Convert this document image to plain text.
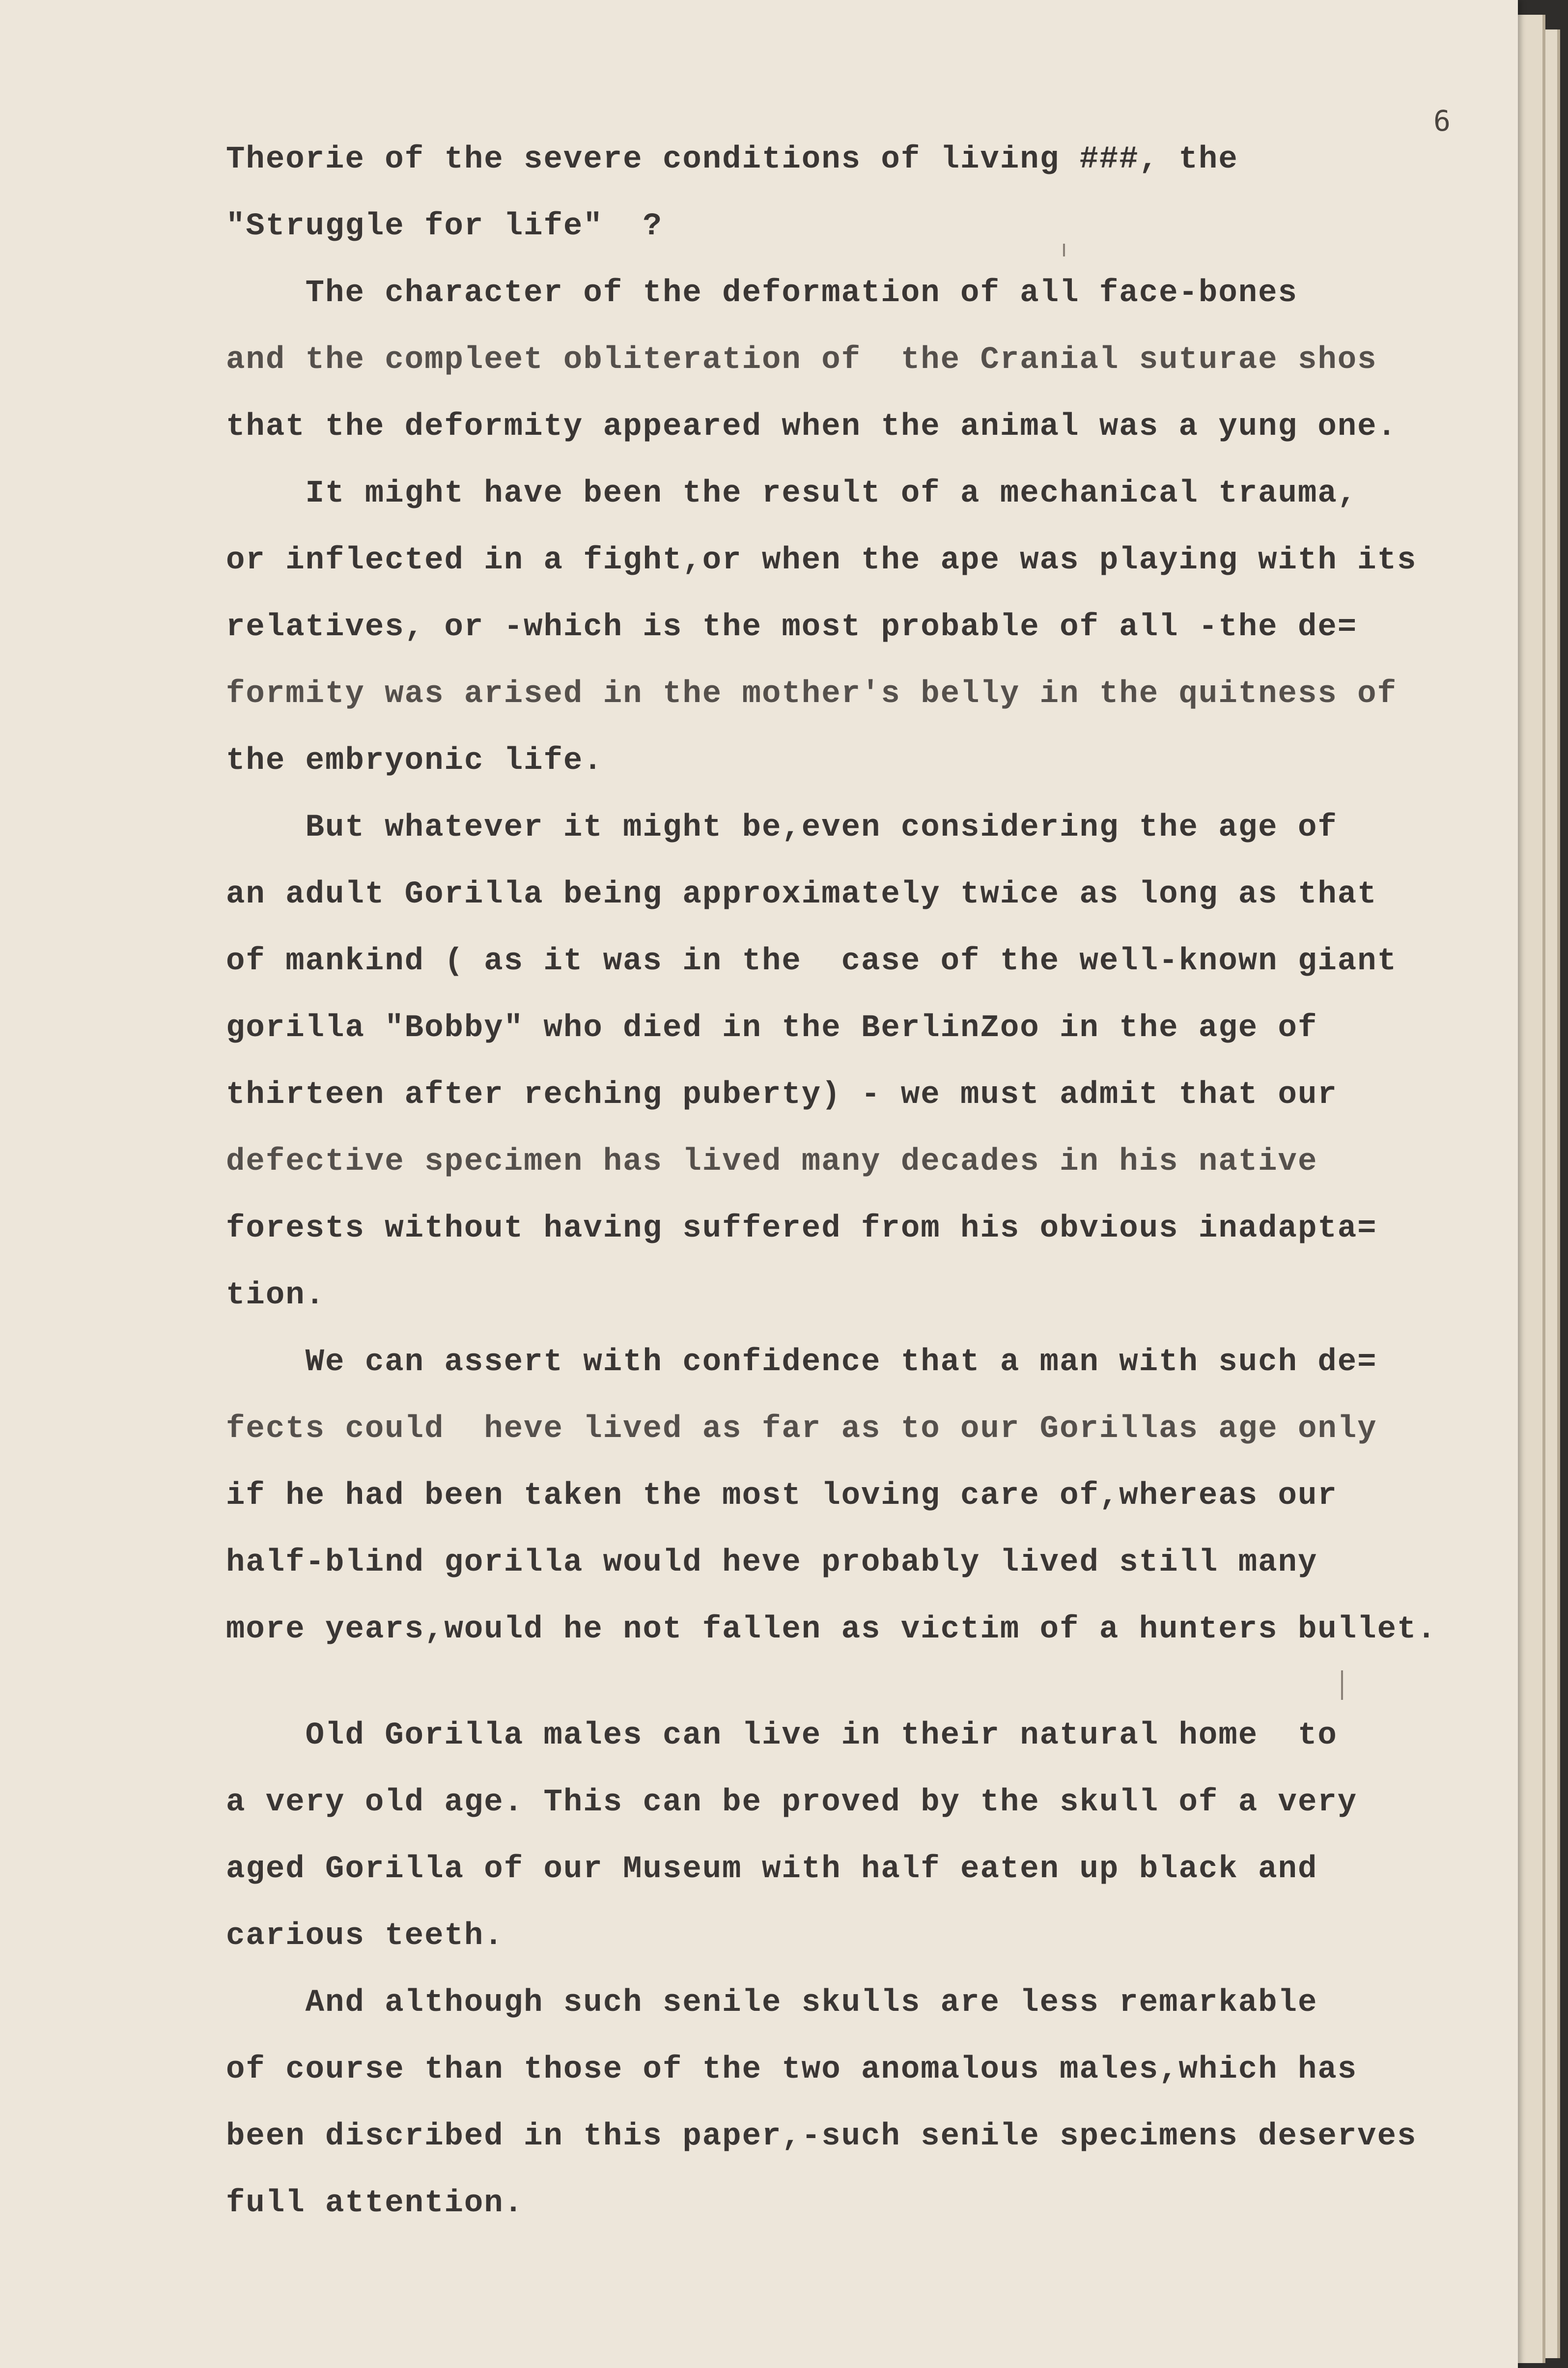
6
Theorie of the severe conditions of living ###, the
"Struggle for life"  ?
The character of the deformation of all face-bones
and the compleet obliteration of  the Cranial suturae shos
that the deformity appeared when the animal was a yung one.
It might have been the result of a mechanical trauma,
or inflected in a fight,or when the ape was playing with its
relatives, or -which is the most probable of all -the de=
formity was arised in the mother's belly in the quitness of
the embryonic life.
But whatever it might be,even considering the age of
an adult Gorilla being approximately twice as long as that
of mankind ( as it was in the  case of the well-known giant
gorilla "Bobby" who died in the BerlinZoo in the age of
thirteen after reching puberty) - we must admit that our
defective specimen has lived many decades in his native
forests without having suffered from his obvious inadapta=
tion.
We can assert with confidence that a man with such de=
fects could  heve lived as far as to our Gorillas age only
if he had been taken the most loving care of,whereas our
half-blind gorilla would heve probably lived still many
more years,would he not fallen as victim of a hunters bullet.
Old Gorilla males can live in their natural home  to
a very old age. This can be proved by the skull of a very
aged Gorilla of our Museum with half eaten up black and
carious teeth.
And although such senile skulls are less remarkable
of course than those of the two anomalous males,which has
been discribed in this paper,-such senile specimens deserves
full attention.
